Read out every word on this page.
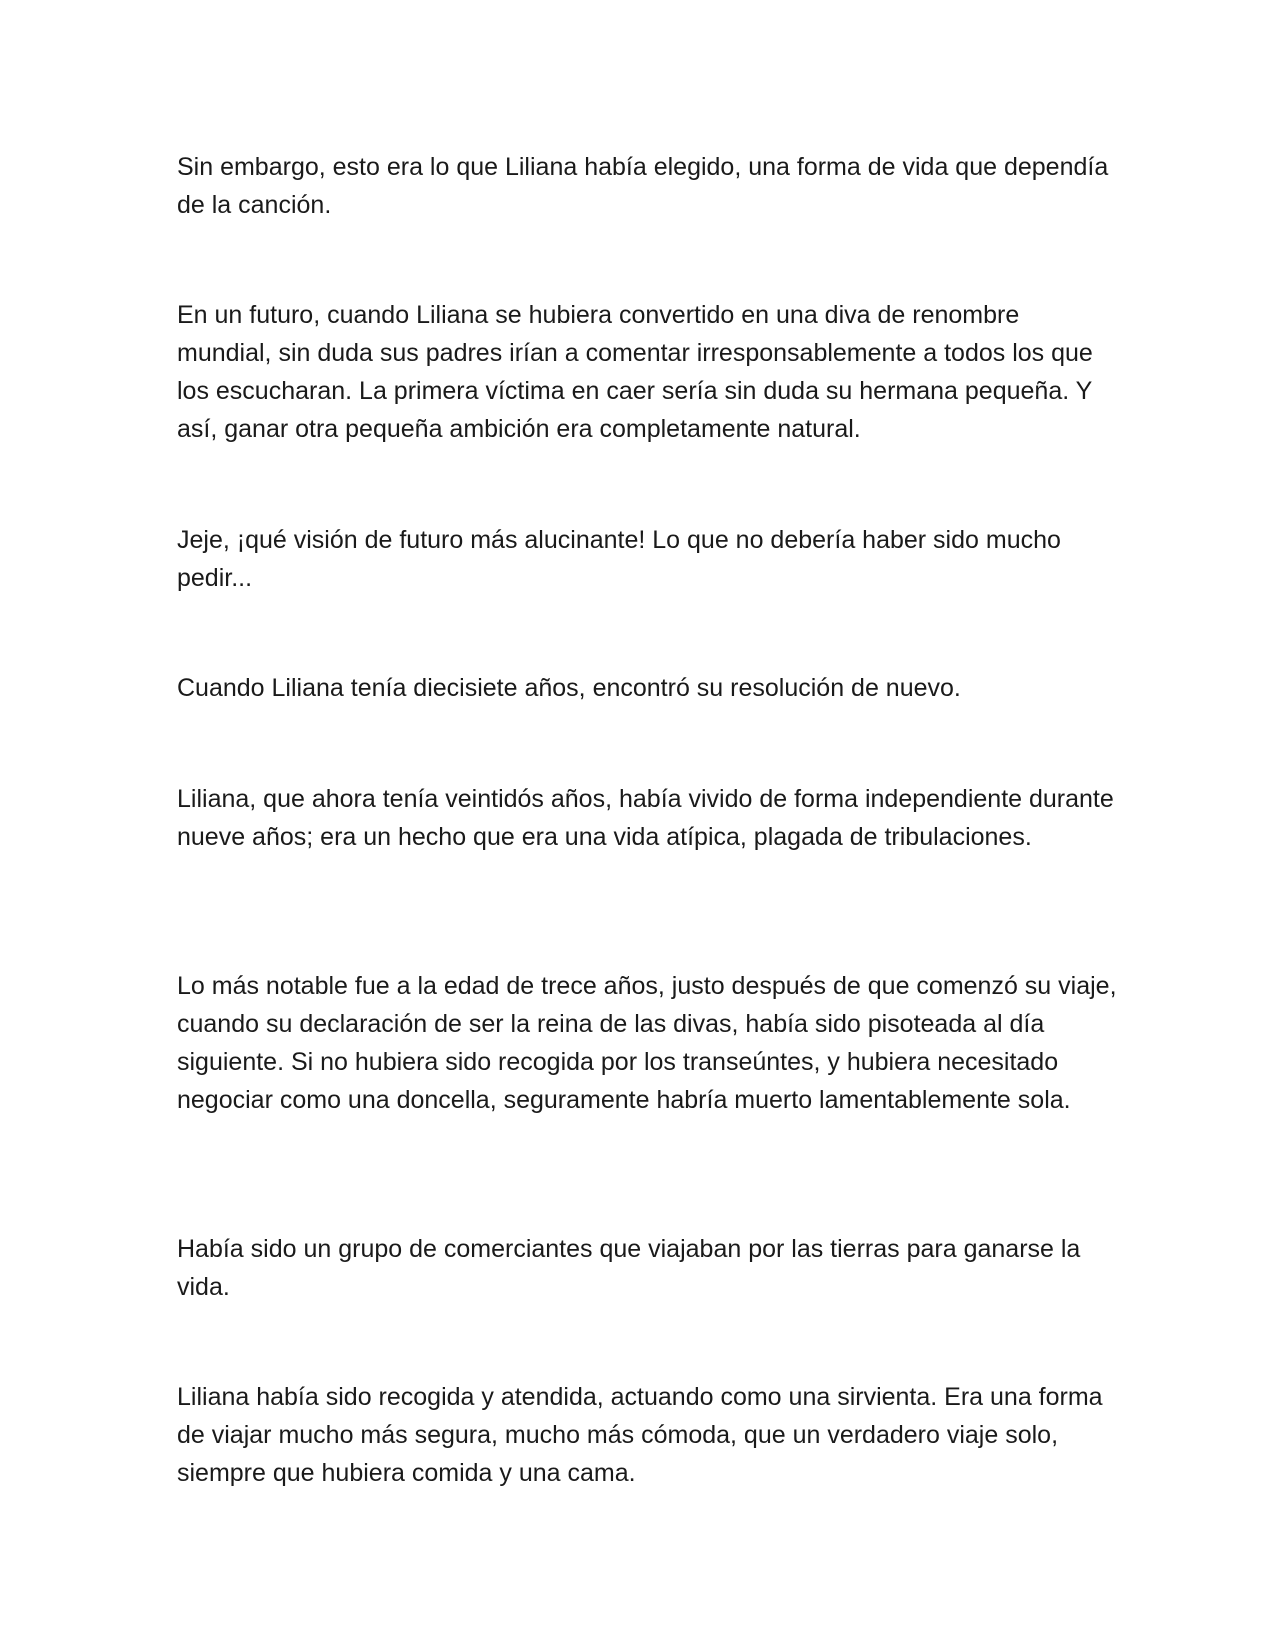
Sin embargo, esto era lo que Liliana había elegido, una forma de vida que dependía de la canción.

En un futuro, cuando Liliana se hubiera convertido en una diva de renombre mundial, sin duda sus padres irían a comentar irresponsablemente a todos los que los escucharan. La primera víctima en caer sería sin duda su hermana pequeña. Y así, ganar otra pequeña ambición era completamente natural.

Jeje, ¡qué visión de futuro más alucinante! Lo que no debería haber sido mucho pedir...

Cuando Liliana tenía diecisiete años, encontró su resolución de nuevo.

Liliana, que ahora tenía veintidós años, había vivido de forma independiente durante nueve años; era un hecho que era una vida atípica, plagada de tribulaciones.

Lo más notable fue a la edad de trece años, justo después de que comenzó su viaje, cuando su declaración de ser la reina de las divas, había sido pisoteada al día siguiente. Si no hubiera sido recogida por los transeúntes, y hubiera necesitado negociar como una doncella, seguramente habría muerto lamentablemente sola.

Había sido un grupo de comerciantes que viajaban por las tierras para ganarse la vida.

Liliana había sido recogida y atendida, actuando como una sirvienta. Era una forma de viajar mucho más segura, mucho más cómoda, que un verdadero viaje solo, siempre que hubiera comida y una cama.
